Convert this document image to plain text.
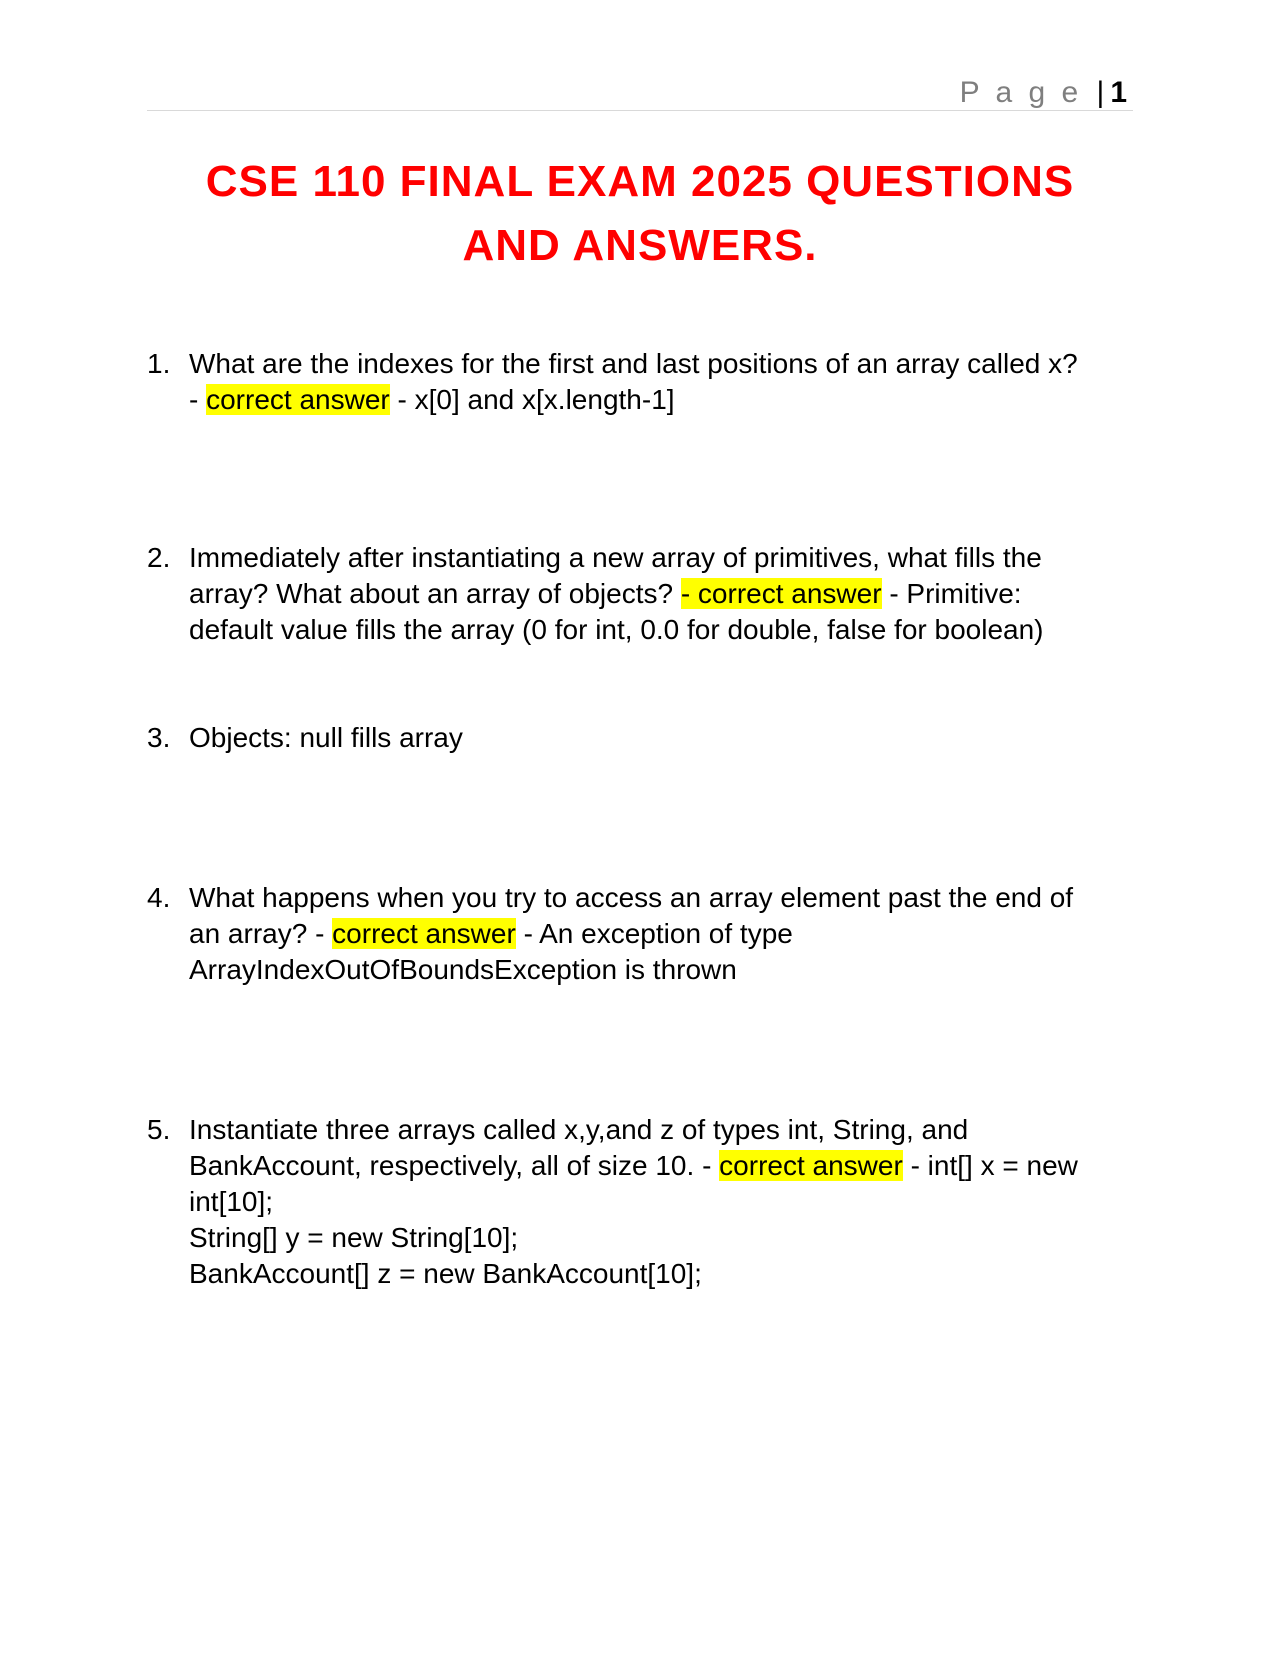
P a g e | 1
CSE 110 FINAL EXAM 2025 QUESTIONS
AND ANSWERS.
1. What are the indexes for the first and last positions of an array called x?
- correct answer - x[0] and x[x.length-1]
2. Immediately after instantiating a new array of primitives, what fills the
array? What about an array of objects? - correct answer - Primitive:
default value fills the array (0 for int, 0.0 for double, false for boolean)
3. Objects: null fills array
4. What happens when you try to access an array element past the end of
an array? - correct answer - An exception of type
ArrayIndexOutOfBoundsException is thrown
5. Instantiate three arrays called x,y,and z of types int, String, and
BankAccount, respectively, all of size 10. - correct answer - int[] x = new
int[10];
String[] y = new String[10];
BankAccount[] z = new BankAccount[10];
